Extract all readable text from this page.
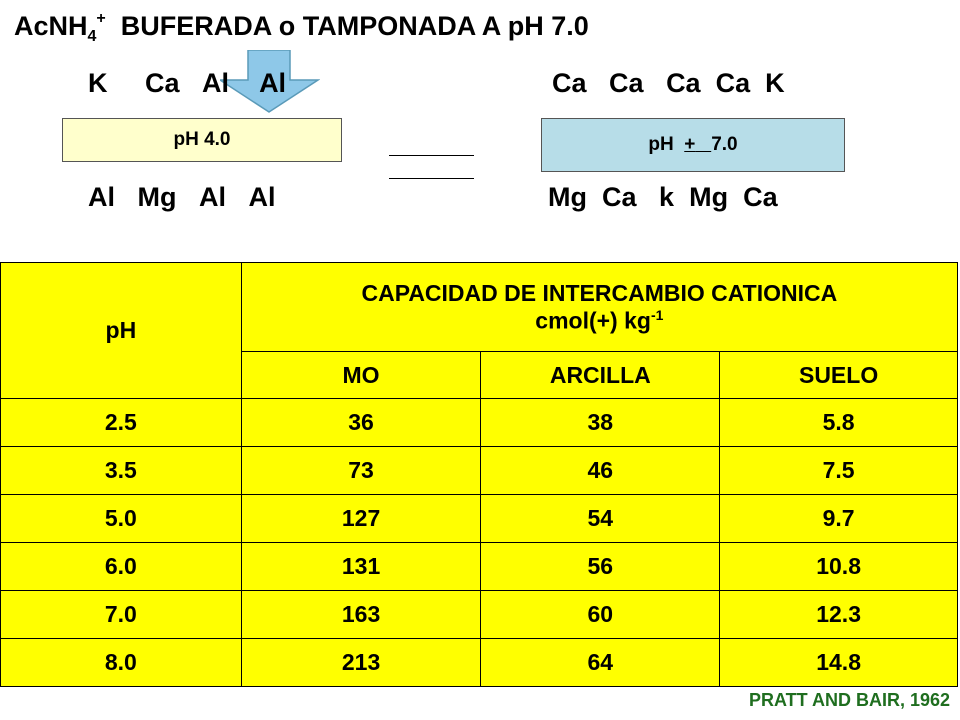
AcNH$_4$+ BUFERADA o TAMPONADA A pH 7.0
K Ca Al Al	Ca Ca Ca Ca K
pH 4.0	pH
+ 7.0
Al Mg Al Al	Mg Ca k Mg Ca
pH	CAPACIDAD DE INTERCAMBIO CATIONICA
cmol(+) $kg^{-1}$

	MO	ARCILLA	SUELO
2.5	36	38	5.8
3.5	73	46	7.5
5.0	127	54	9.7
6.0	131	56	10.8
7.0	163	60	12.3
8.0	213	64	14.8
PRATT AND BAIR, 1962
